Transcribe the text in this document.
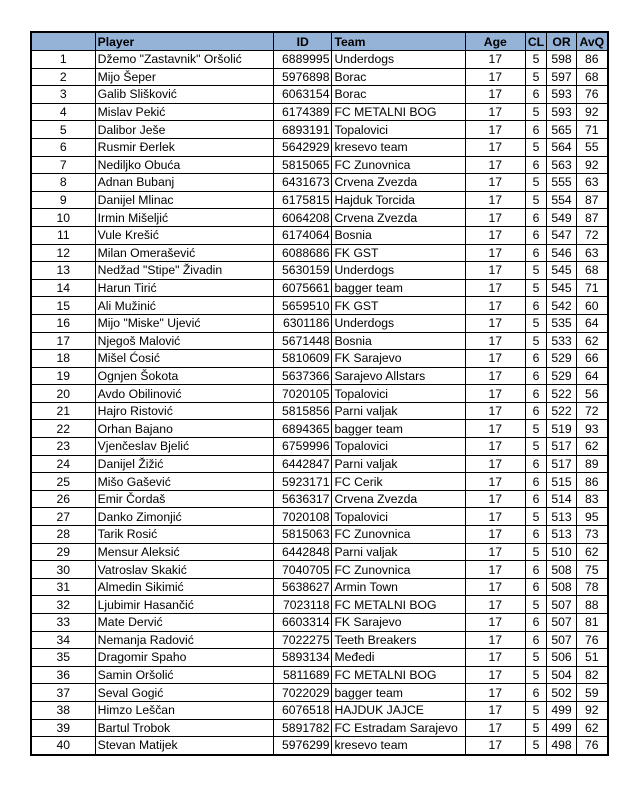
	Player	ID	Team	Age	CL	OR	AvQ
1	Džemo "Zastavnik" Oršolić	6889995	Underdogs	17	5	598	86
2	Mijo Šeper	5976898	Borac	17	5	597	68
3	Galib Slišković	6063154	Borac	17	6	593	76
4	Mislav Pekić	6174389	FC METALNI BOG	17	5	593	92
5	Dalibor Ješe	6893191	Topalovici	17	6	565	71
6	Rusmir Đerlek	5642929	kresevo team	17	5	564	55
7	Nediljko Obuća	5815065	FC Zunovnica	17	6	563	92
8	Adnan Bubanj	6431673	Crvena Zvezda	17	5	555	63
9	Danijel Mlinac	6175815	Hajduk Torcida	17	5	554	87
10	Irmin Mišeljić	6064208	Crvena Zvezda	17	6	549	87
11	Vule Krešić	6174064	Bosnia	17	6	547	72
12	Milan Omerašević	6088686	FK GST	17	6	546	63
13	Nedžad "Stipe" Živadin	5630159	Underdogs	17	5	545	68
14	Harun Tirić	6075661	bagger team	17	5	545	71
15	Ali Mužinić	5659510	FK GST	17	6	542	60
16	Mijo "Miske" Ujević	6301186	Underdogs	17	5	535	64
17	Njegoš Malović	5671448	Bosnia	17	5	533	62
18	Mišel Ćosić	5810609	FK Sarajevo	17	6	529	66
19	Ognjen Šokota	5637366	Sarajevo Allstars	17	6	529	64
20	Avdo Obilinović	7020105	Topalovici	17	6	522	56
21	Hajro Ristović	5815856	Parni valjak	17	6	522	72
22	Orhan Bajano	6894365	bagger team	17	5	519	93
23	Vjenčeslav Bjelić	6759996	Topalovici	17	5	517	62
24	Danijel Žižić	6442847	Parni valjak	17	6	517	89
25	Mišo Gašević	5923171	FC Cerik	17	6	515	86
26	Emir Čordaš	5636317	Crvena Zvezda	17	6	514	83
27	Danko Zimonjić	7020108	Topalovici	17	5	513	95
28	Tarik Rosić	5815063	FC Zunovnica	17	6	513	73
29	Mensur Aleksić	6442848	Parni valjak	17	5	510	62
30	Vatroslav Skakić	7040705	FC Zunovnica	17	6	508	75
31	Almedin Sikimić	5638627	Armin Town	17	6	508	78
32	Ljubimir Hasančić	7023118	FC METALNI BOG	17	5	507	88
33	Mate Dervić	6603314	FK Sarajevo	17	6	507	81
34	Nemanja Radović	7022275	Teeth Breakers	17	6	507	76
35	Dragomir Spaho	5893134	Međedi	17	5	506	51
36	Samin Oršolić	5811689	FC METALNI BOG	17	5	504	82
37	Seval Gogić	7022029	bagger team	17	6	502	59
38	Himzo Leščan	6076518	HAJDUK JAJCE	17	5	499	92
39	Bartul Trobok	5891782	FC Estradam Sarajevo	17	5	499	62
40	Stevan Matijek	5976299	kresevo team	17	5	498	76
